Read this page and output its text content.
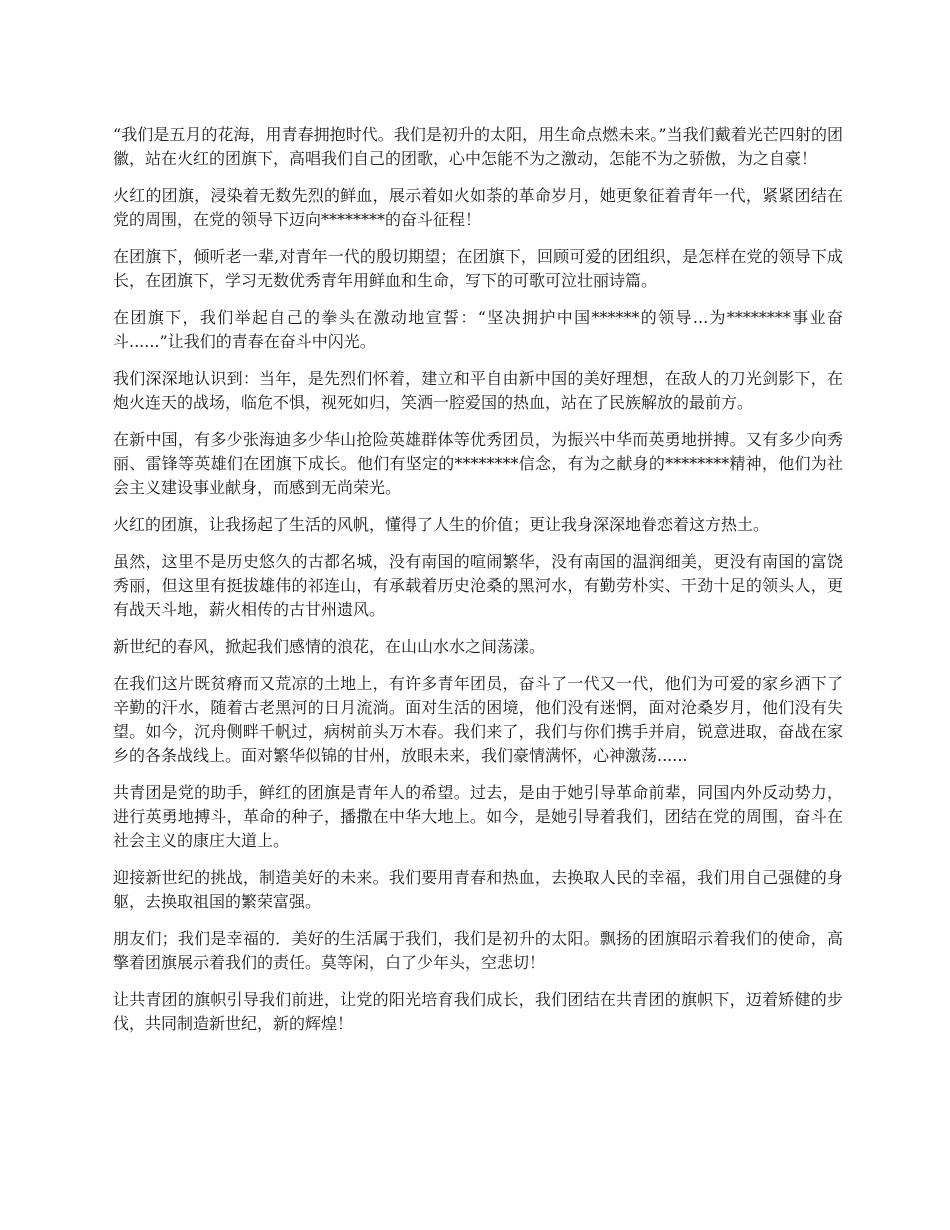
“我们是五月的花海，用青春拥抱时代。我们是初升的太阳，用生命点燃未来。”当我们戴着光芒四射的团徽，站在火红的团旗下，高唱我们自己的团歌，心中怎能不为之激动，怎能不为之骄傲，为之自豪！

火红的团旗，浸染着无数先烈的鲜血，展示着如火如荼的革命岁月，她更象征着青年一代，紧紧团结在党的周围，在党的领导下迈向********的奋斗征程！

在团旗下，倾听老一辈,对青年一代的殷切期望；在团旗下，回顾可爱的团组织，是怎样在党的领导下成长，在团旗下，学习无数优秀青年用鲜血和生命，写下的可歌可泣壮丽诗篇。

在团旗下，我们举起自己的拳头在激动地宣誓：“坚决拥护中国******的领导...为********事业奋斗......”让我们的青春在奋斗中闪光。

我们深深地认识到：当年，是先烈们怀着，建立和平自由新中国的美好理想，在敌人的刀光剑影下，在炮火连天的战场，临危不惧，视死如归，笑洒一腔爱国的热血，站在了民族解放的最前方。

在新中国，有多少张海迪多少华山抢险英雄群体等优秀团员，为振兴中华而英勇地拼搏。又有多少向秀丽、雷锋等英雄们在团旗下成长。他们有坚定的********信念，有为之献身的********精神，他们为社会主义建设事业献身，而感到无尚荣光。

火红的团旗，让我扬起了生活的风帆，懂得了人生的价值；更让我身深深地眷恋着这方热土。

虽然，这里不是历史悠久的古都名城，没有南国的喧闹繁华，没有南国的温润细美，更没有南国的富饶秀丽，但这里有挺拔雄伟的祁连山，有承载着历史沧桑的黑河水，有勤劳朴实、干劲十足的领头人，更有战天斗地，薪火相传的古甘州遗风。

新世纪的春风，掀起我们感情的浪花，在山山水水之间荡漾。

在我们这片既贫瘠而又荒凉的土地上，有许多青年团员，奋斗了一代又一代，他们为可爱的家乡洒下了辛勤的汗水，随着古老黑河的日月流淌。面对生活的困境，他们没有迷惘，面对沧桑岁月，他们没有失望。如今，沉舟侧畔千帆过，病树前头万木春。我们来了，我们与你们携手并肩，锐意进取，奋战在家乡的各条战线上。面对繁华似锦的甘州，放眼未来，我们豪情满怀，心神激荡......

共青团是党的助手，鲜红的团旗是青年人的希望。过去，是由于她引导革命前辈，同国内外反动势力，进行英勇地搏斗，革命的种子，播撒在中华大地上。如今，是她引导着我们，团结在党的周围，奋斗在社会主义的康庄大道上。

迎接新世纪的挑战，制造美好的未来。我们要用青春和热血，去换取人民的幸福，我们用自己强健的身躯，去换取祖国的繁荣富强。

朋友们；我们是幸福的．美好的生活属于我们，我们是初升的太阳。飘扬的团旗昭示着我们的使命，高擎着团旗展示着我们的责任。莫等闲，白了少年头，空悲切！

让共青团的旗帜引导我们前进，让党的阳光培育我们成长，我们团结在共青团的旗帜下，迈着矫健的步伐，共同制造新世纪，新的辉煌！
